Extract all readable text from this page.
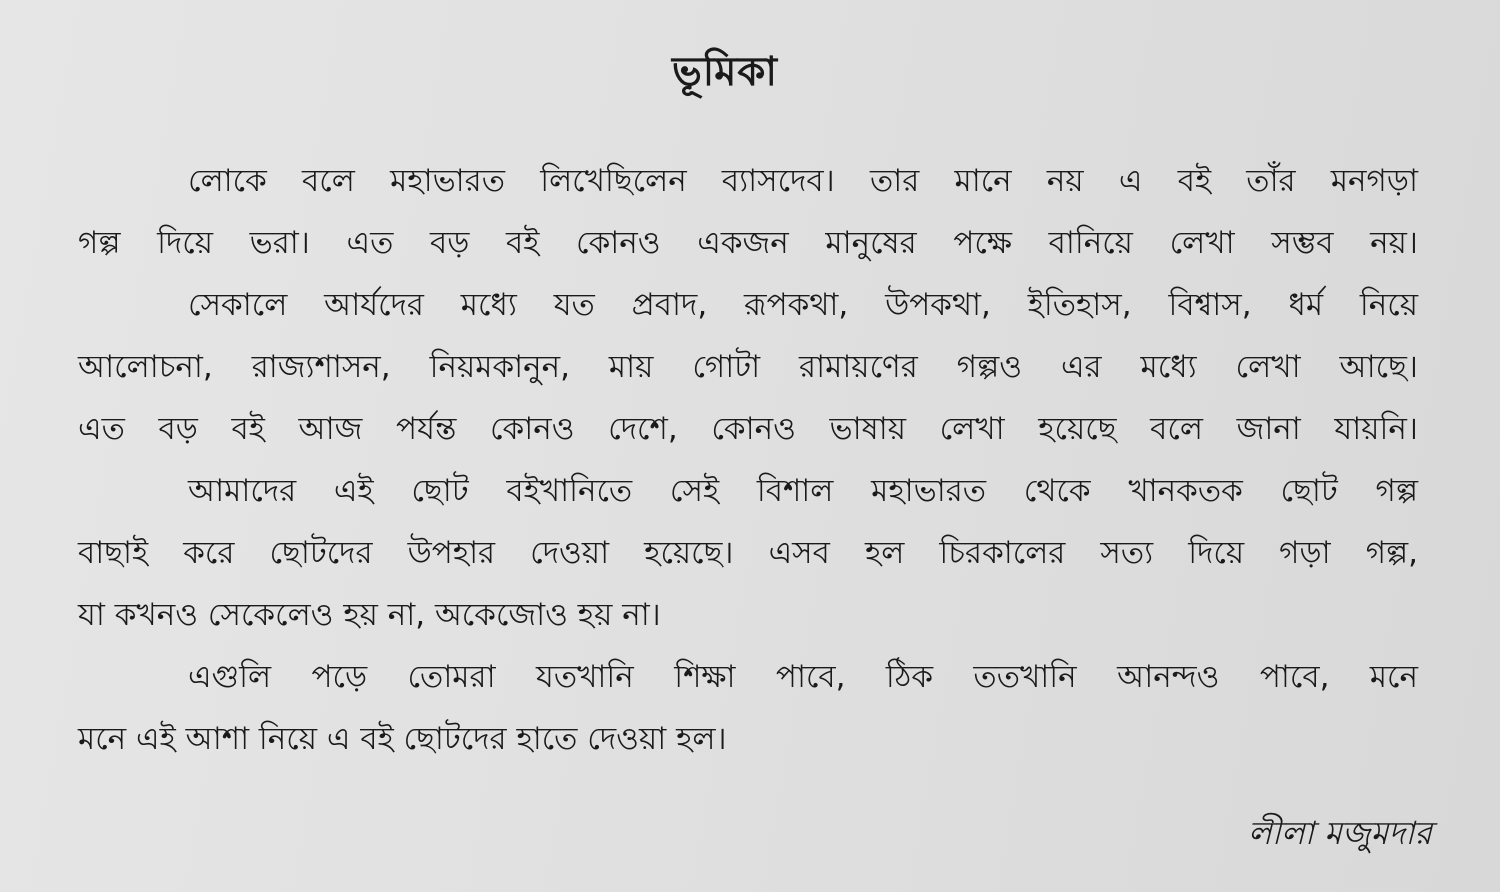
ভূমিকা
লোকে বলে মহাভারত লিখেছিলেন ব্যাসদেব। তার মানে নয় এ বই তাঁর মনগড়া
গল্প দিয়ে ভরা। এত বড় বই কোনও একজন মানুষের পক্ষে বানিয়ে লেখা সম্ভব নয়।
সেকালে আর্যদের মধ্যে যত প্রবাদ, রূপকথা, উপকথা, ইতিহাস, বিশ্বাস, ধর্ম নিয়ে
আলোচনা, রাজ্যশাসন, নিয়মকানুন, মায় গোটা রামায়ণের গল্পও এর মধ্যে লেখা আছে।
এত বড় বই আজ পর্যন্ত কোনও দেশে, কোনও ভাষায় লেখা হয়েছে বলে জানা যায়নি।
আমাদের এই ছোট বইখানিতে সেই বিশাল মহাভারত থেকে খানকতক ছোট গল্প
বাছাই করে ছোটদের উপহার দেওয়া হয়েছে। এসব হল চিরকালের সত্য দিয়ে গড়া গল্প,
যা কখনও সেকেলেও হয় না, অকেজোও হয় না।
এগুলি পড়ে তোমরা যতখানি শিক্ষা পাবে, ঠিক ততখানি আনন্দও পাবে, মনে
মনে এই আশা নিয়ে এ বই ছোটদের হাতে দেওয়া হল।
লীলা মজুমদার
